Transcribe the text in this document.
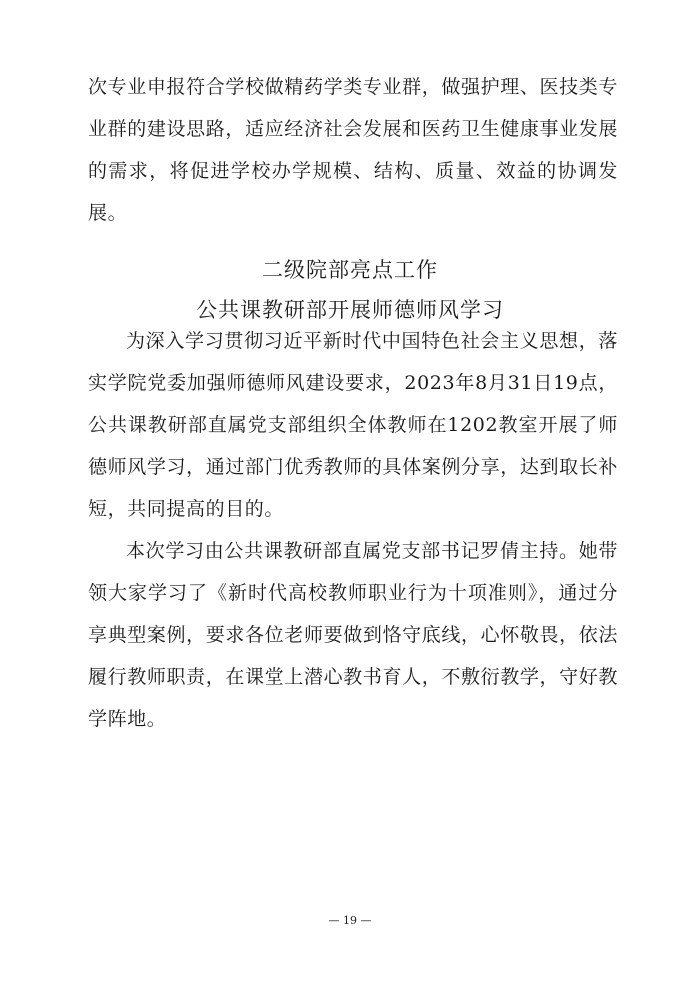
次专业申报符合学校做精药学类专业群，做强护理、医技类专业群的建设思路，适应经济社会发展和医药卫生健康事业发展的需求，将促进学校办学规模、结构、质量、效益的协调发展。

二级院部亮点工作

公共课教研部开展师德师风学习

为深入学习贯彻习近平新时代中国特色社会主义思想，落实学院党委加强师德师风建设要求，2023年8月31日19点，公共课教研部直属党支部组织全体教师在1202教室开展了师德师风学习，通过部门优秀教师的具体案例分享，达到取长补短，共同提高的目的。

本次学习由公共课教研部直属党支部书记罗倩主持。她带领大家学习了《新时代高校教师职业行为十项准则》，通过分享典型案例，要求各位老师要做到恪守底线，心怀敬畏，依法履行教师职责，在课堂上潜心教书育人，不敷衍教学，守好教学阵地。

— 19 —
